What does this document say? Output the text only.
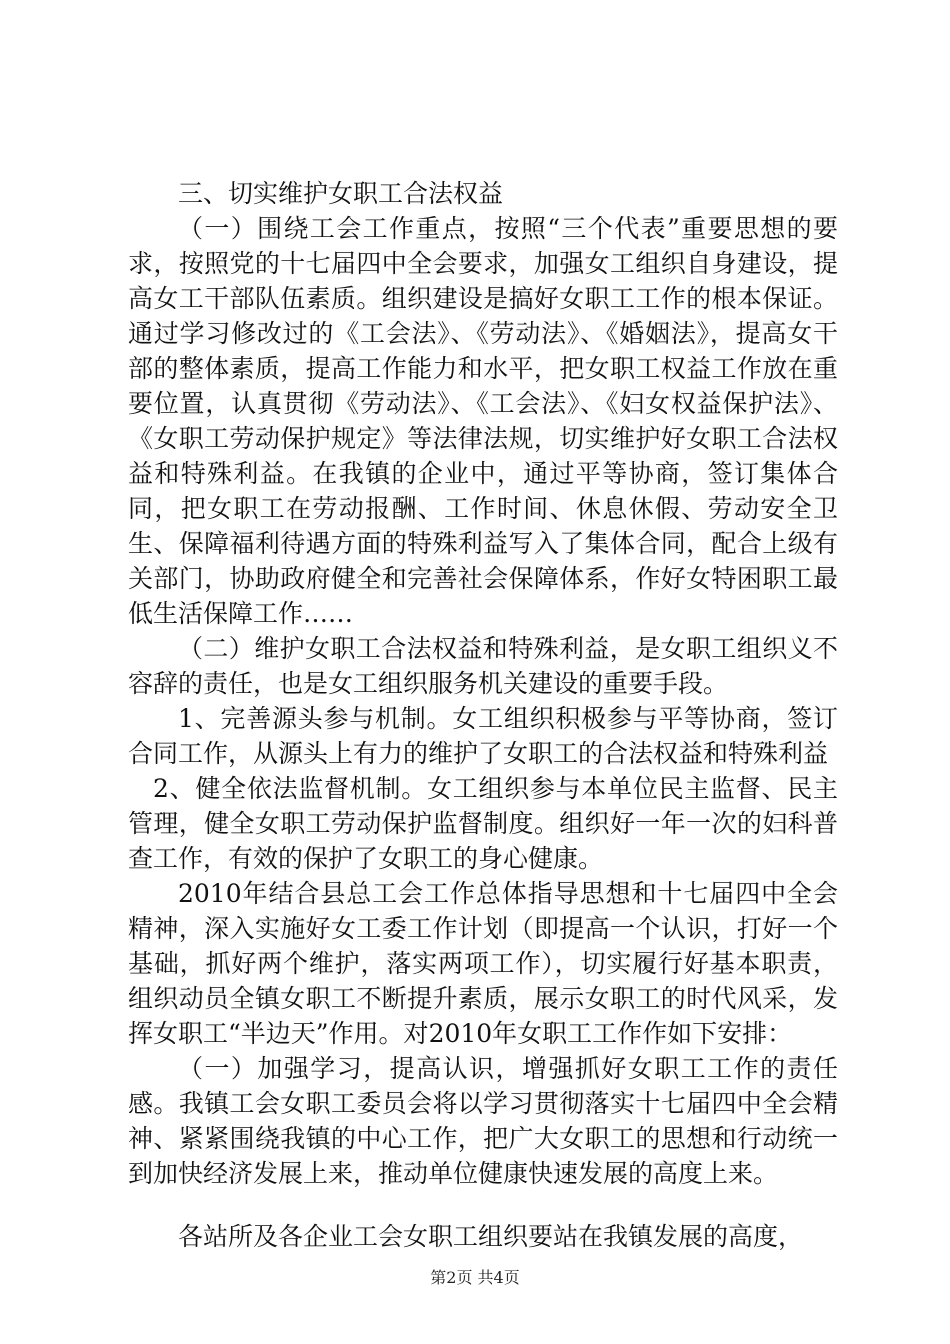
三、切实维护女职工合法权益

（一）围绕工会工作重点，按照“三个代表”重要思想的要求，按照党的十七届四中全会要求，加强女工组织自身建设，提高女工干部队伍素质。组织建设是搞好女职工工作的根本保证。通过学习修改过的《工会法》、《劳动法》、《婚姻法》，提高女干部的整体素质，提高工作能力和水平，把女职工权益工作放在重要位置，认真贯彻《劳动法》、《工会法》、《妇女权益保护法》、《女职工劳动保护规定》等法律法规，切实维护好女职工合法权益和特殊利益。在我镇的企业中，通过平等协商，签订集体合同，把女职工在劳动报酬、工作时间、休息休假、劳动安全卫生、保障福利待遇方面的特殊利益写入了集体合同，配合上级有关部门，协助政府健全和完善社会保障体系，作好女特困职工最低生活保障工作……

（二）维护女职工合法权益和特殊利益，是女职工组织义不容辞的责任，也是女工组织服务机关建设的重要手段。

1、完善源头参与机制。女工组织积极参与平等协商，签订合同工作，从源头上有力的维护了女职工的合法权益和特殊利益

2、健全依法监督机制。女工组织参与本单位民主监督、民主管理，健全女职工劳动保护监督制度。组织好一年一次的妇科普查工作，有效的保护了女职工的身心健康。

2010年结合县总工会工作总体指导思想和十七届四中全会精神，深入实施好女工委工作计划（即提高一个认识，打好一个基础，抓好两个维护，落实两项工作），切实履行好基本职责，组织动员全镇女职工不断提升素质，展示女职工的时代风采，发挥女职工“半边天”作用。对2010年女职工工作作如下安排：

（一）加强学习，提高认识，增强抓好女职工工作的责任感。我镇工会女职工委员会将以学习贯彻落实十七届四中全会精神、紧紧围绕我镇的中心工作，把广大女职工的思想和行动统一到加快经济发展上来，推动单位健康快速发展的高度上来。

各站所及各企业工会女职工组织要站在我镇发展的高度，

第2页 共4页
